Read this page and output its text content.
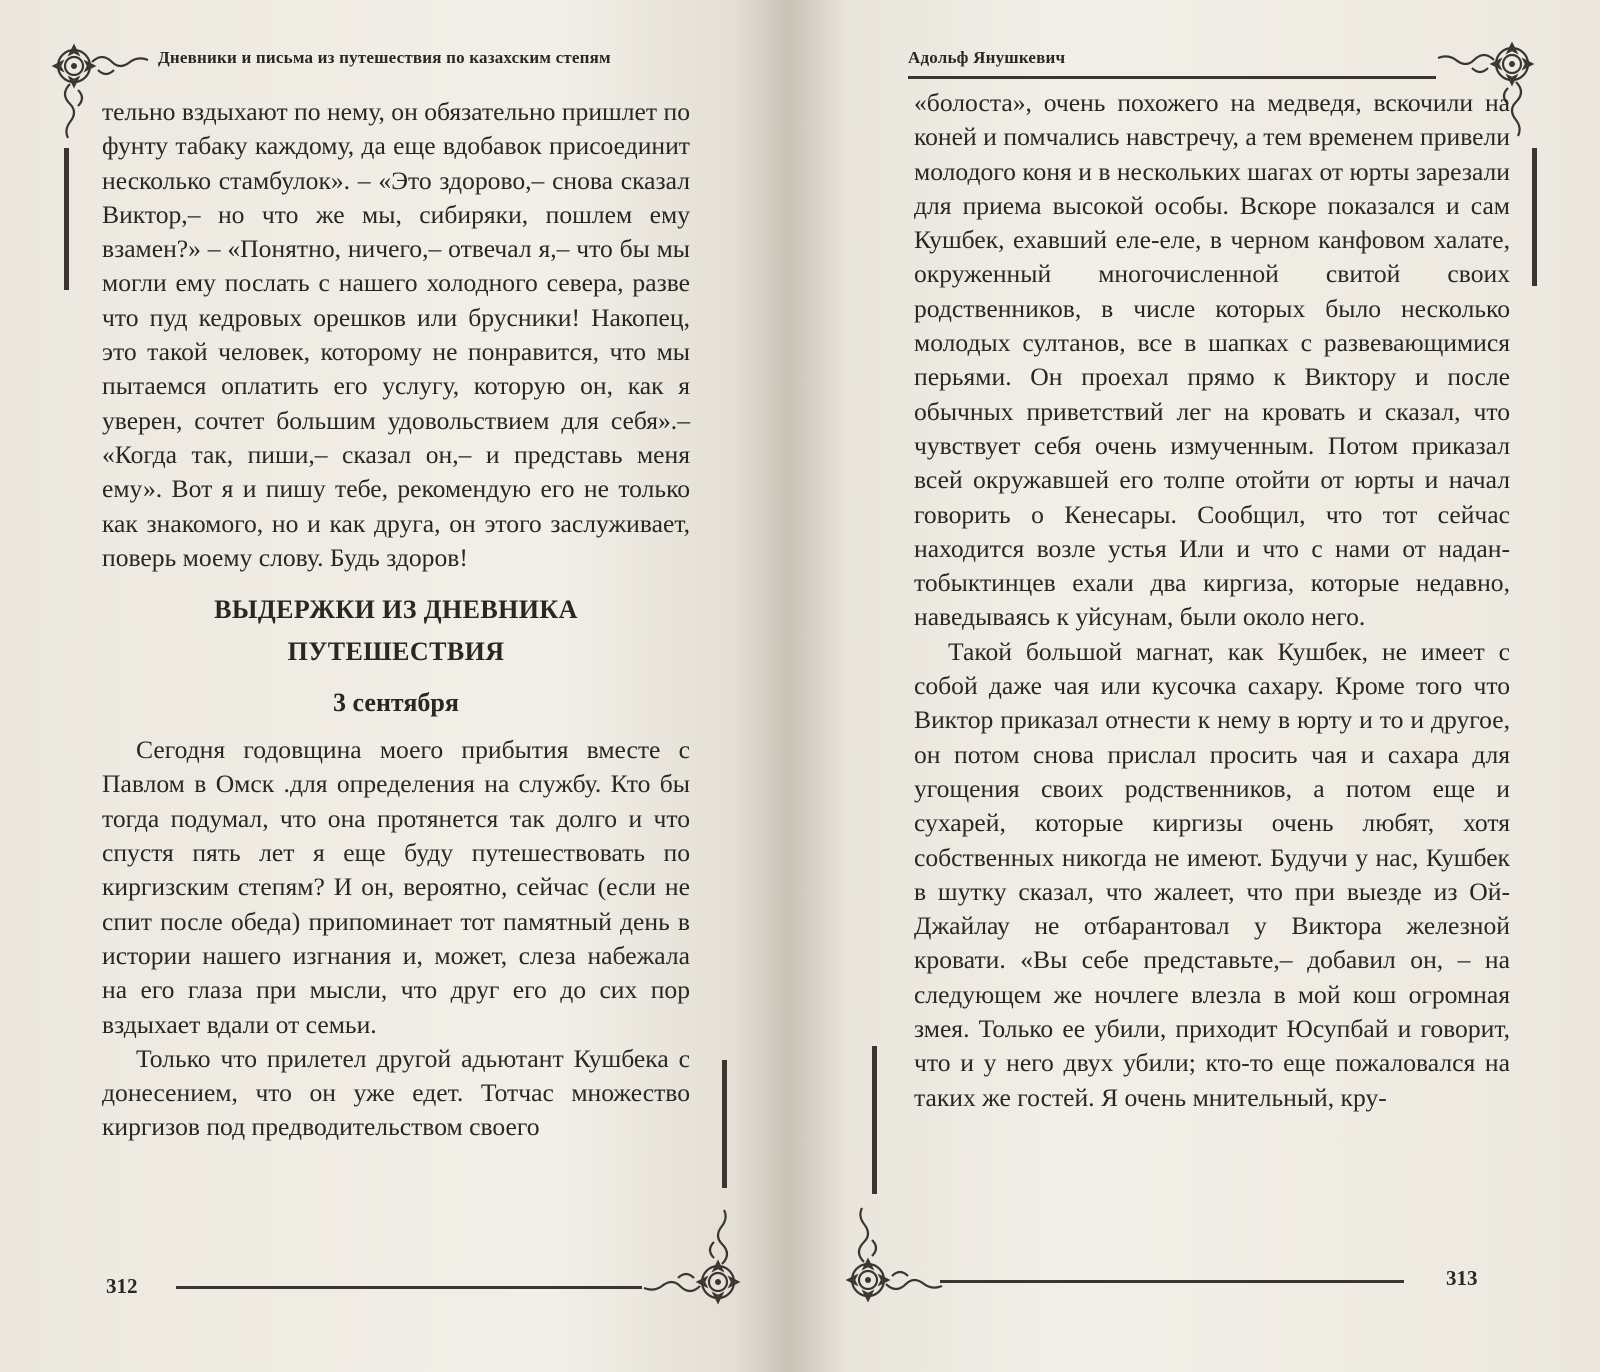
Дневники и письма из путешествия по казахским степям

тельно вздыхают по нему, он обязательно пришлет по фунту табаку каждому, да еще вдобавок присоединит несколько стамбулок». – «Это здорово,– снова сказал Виктор,– но что же мы, сибиряки, пошлем ему взамен?» – «Понятно, ничего,– отвечал я,– что бы мы могли ему послать с нашего холодного севера, разве что пуд кедровых орешков или брусники! Накопец, это такой человек, которому не понравится, что мы пытаемся оплатить его услугу, которую он, как я уверен, сочтет большим удовольствием для себя».– «Когда так, пиши,– сказал он,– и представь меня ему». Вот я и пишу тебе, рекомендую его не только как знакомого, но и как друга, он этого заслуживает, поверь моему слову. Будь здоров!

ВЫДЕРЖКИ ИЗ ДНЕВНИКА
ПУТЕШЕСТВИЯ
3 сентября

Сегодня годовщина моего прибытия вместе с Павлом в Омск .для определения на службу. Кто бы тогда подумал, что она протянется так долго и что спустя пять лет я еще буду путешествовать по киргизским степям? И он, вероятно, сейчас (если не спит после обеда) припоминает тот памятный день в истории нашего изгнания и, может, слеза набежала на его глаза при мысли, что друг его до сих пор вздыхает вдали от семьи.

Только что прилетел другой адьютант Кушбека с донесением, что он уже едет. Тотчас множество киргизов под предводительством своего

312
Адольф Янушкевич

«болоста», очень похожего на медведя, вскочили на коней и помчались навстречу, а тем временем привели молодого коня и в нескольких шагах от юрты зарезали для приема высокой особы. Вскоре показался и сам Кушбек, ехавший еле-еле, в черном канфовом халате, окруженный многочисленной свитой своих родственников, в числе которых было несколько молодых султанов, все в шапках с развевающимися перьями. Он проехал прямо к Виктору и после обычных приветствий лег на кровать и сказал, что чувствует себя очень измученным. Потом приказал всей окружавшей его толпе отойти от юрты и начал говорить о Кенесары. Сообщил, что тот сейчас находится возле устья Или и что с нами от надан-тобыктинцев ехали два киргиза, которые недавно, наведываясь к уйсунам, были около него.

Такой большой магнат, как Кушбек, не имеет с собой даже чая или кусочка сахару. Кроме того что Виктор приказал отнести к нему в юрту и то и другое, он потом снова прислал просить чая и сахара для угощения своих родственников, а потом еще и сухарей, которые киргизы очень любят, хотя собственных никогда не имеют. Будучи у нас, Кушбек в шутку сказал, что жалеет, что при выезде из Ой-Джайлау не отбарантовал у Виктора железной кровати. «Вы себе представьте,– добавил он, – на следующем же ночлеге влезла в мой кош огромная змея. Только ее убили, приходит Юсупбай и говорит, что и у него двух убили; кто-то еще пожаловался на таких же гостей. Я очень мнительный, кру-

313
